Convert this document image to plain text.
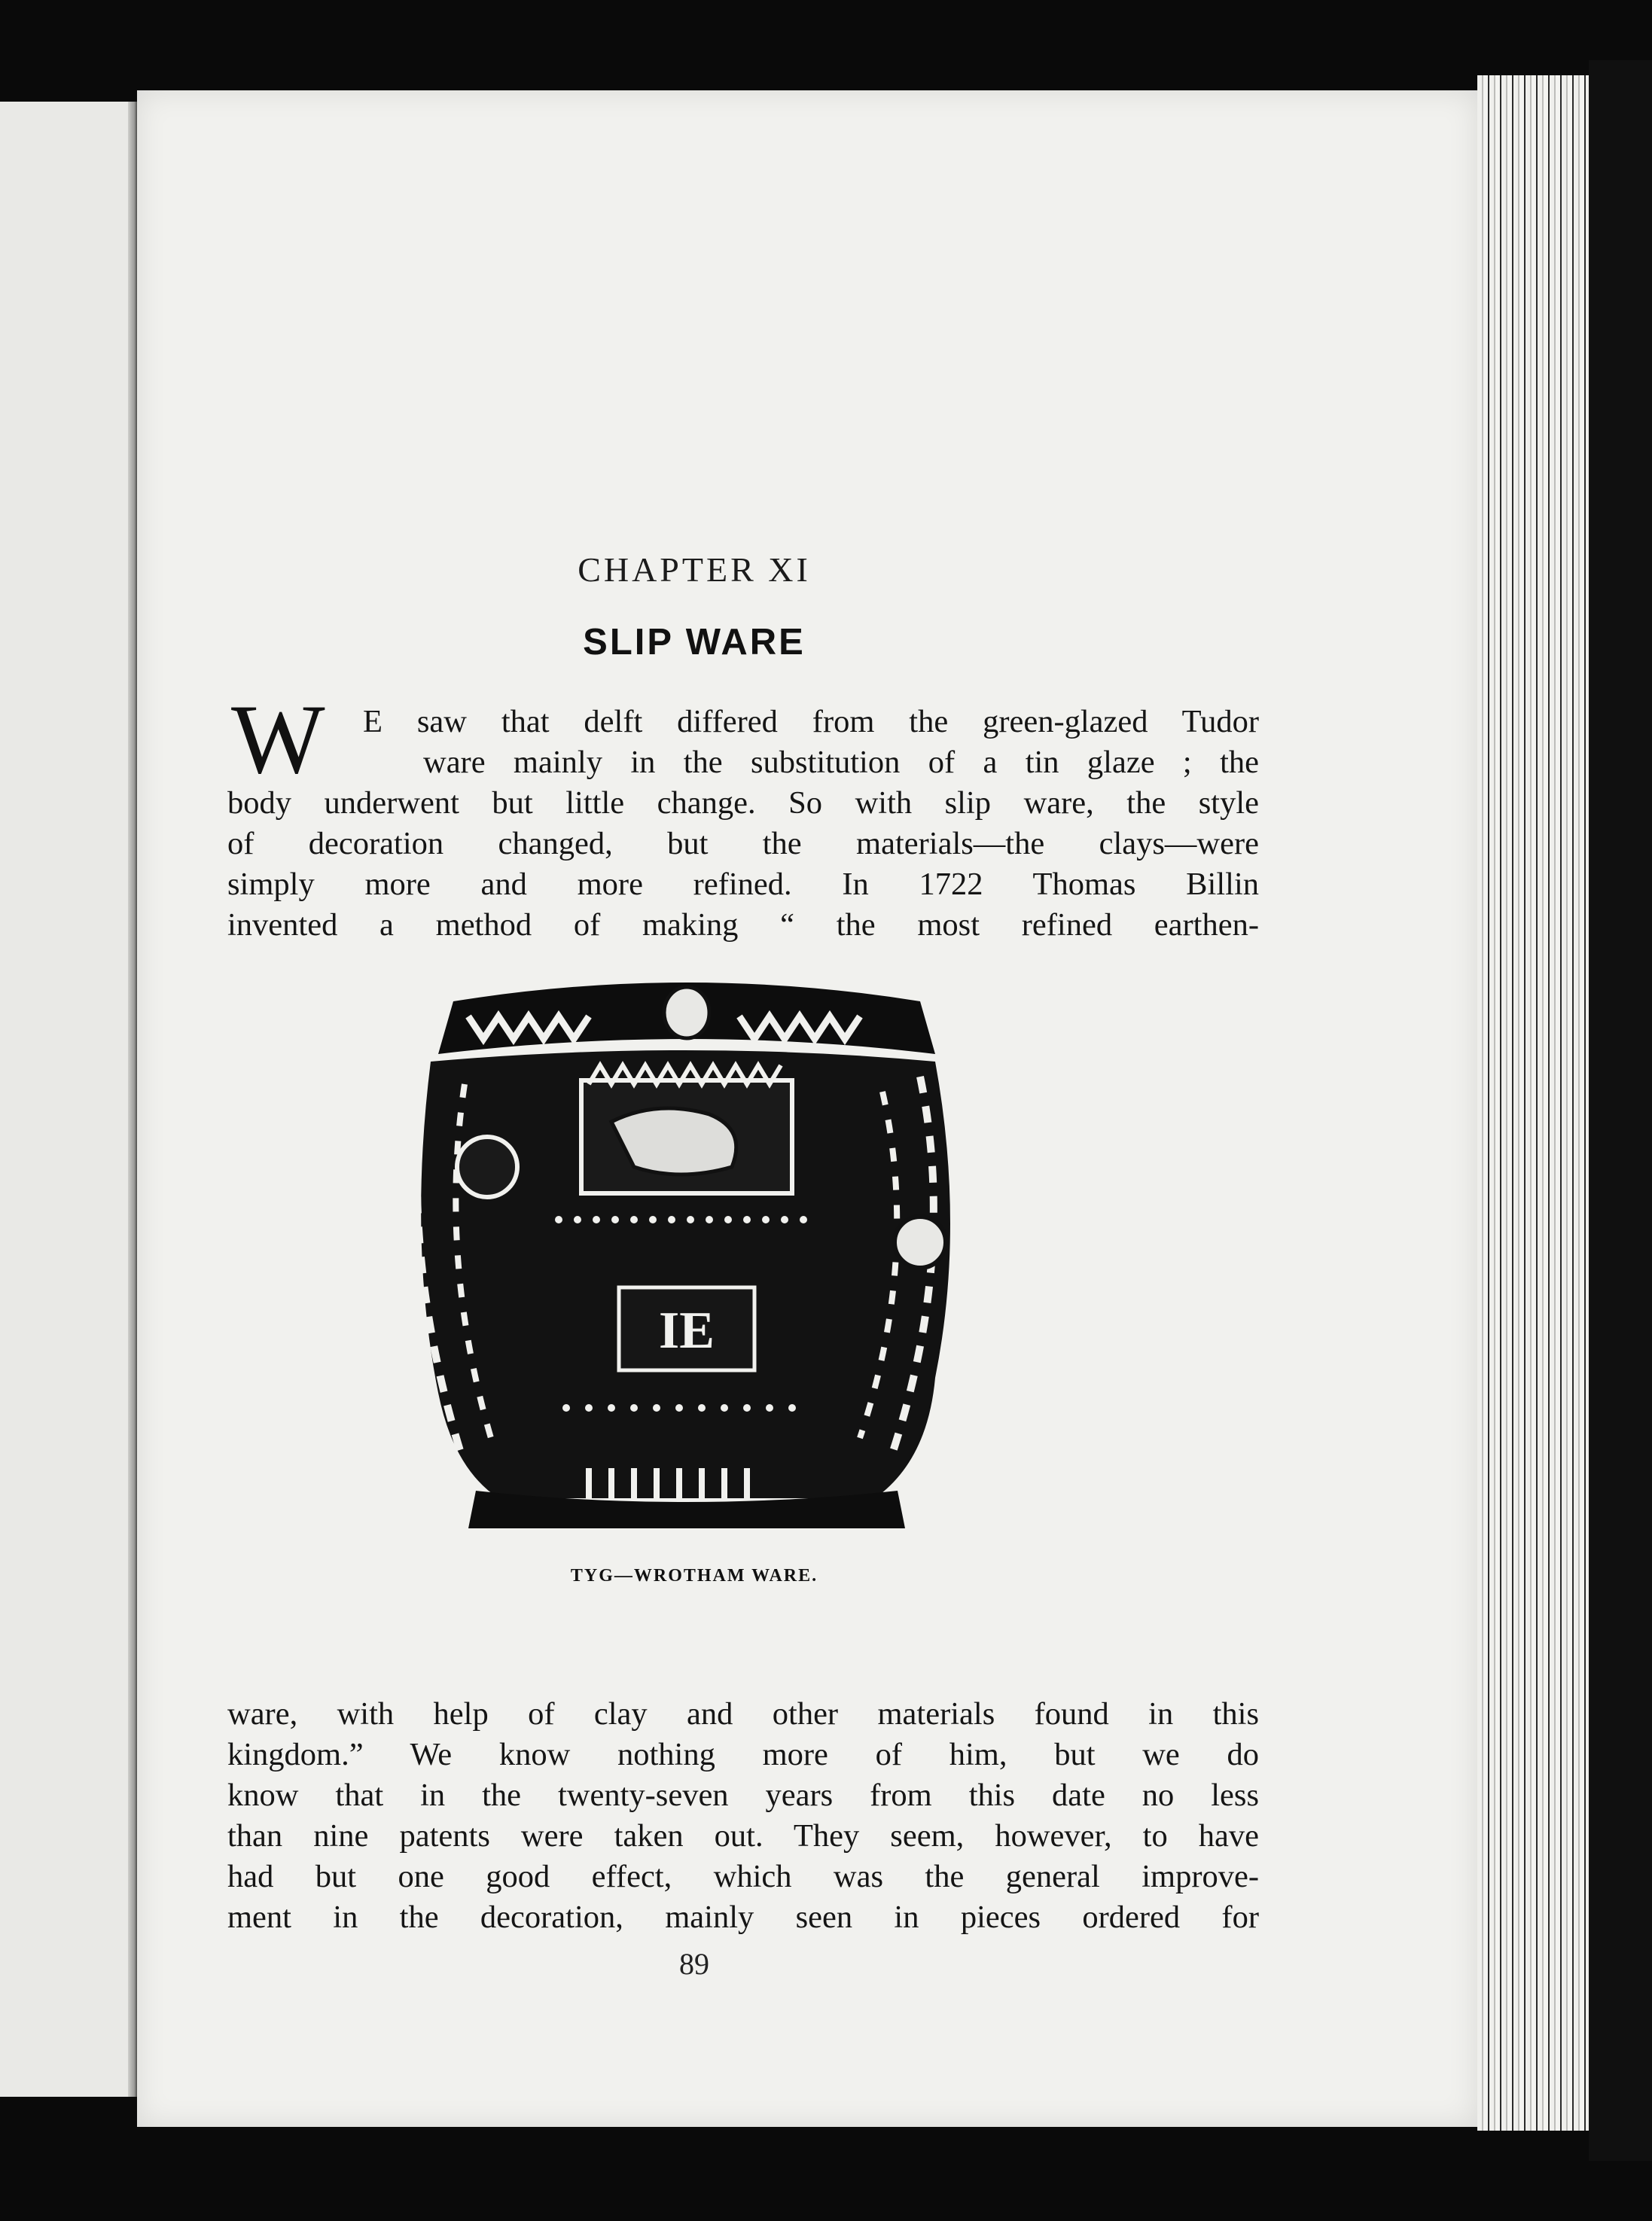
CHAPTER XI
SLIP WARE
W E saw that delft differed from the green-glazed Tudor
ware mainly in the substitution of a tin glaze ; the
body underwent but little change. So with slip ware, the style
of decoration changed, but the materials—the clays—were
simply more and more refined. In 1722 Thomas Billin
invented a method of making “ the most refined earthen-
IE
TYG—WROTHAM WARE.
ware, with help of clay and other materials found in this
kingdom.” We know nothing more of him, but we do
know that in the twenty-seven years from this date no less
than nine patents were taken out. They seem, however, to have
had but one good effect, which was the general improve-
ment in the decoration, mainly seen in pieces ordered for
89
